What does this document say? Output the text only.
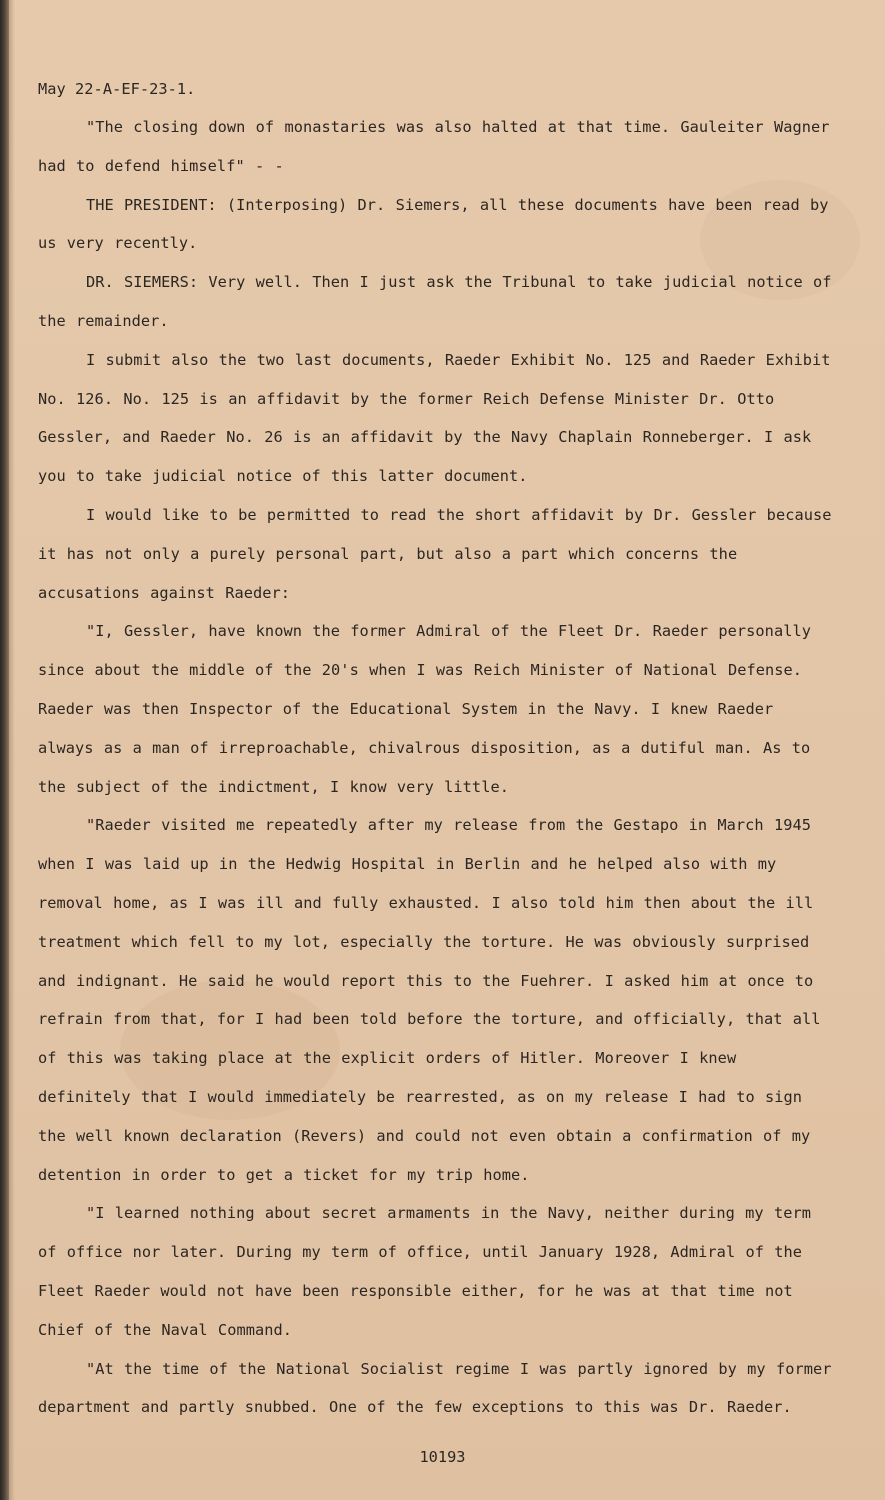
May 22-A-EF-23-1.

"The closing down of monastaries was also halted at that time. Gauleiter Wagner had to defend himself" - -

THE PRESIDENT: (Interposing) Dr. Siemers, all these documents have been read by us very recently.

DR. SIEMERS: Very well. Then I just ask the Tribunal to take judicial notice of the remainder.

I submit also the two last documents, Raeder Exhibit No. 125 and Raeder Exhibit No. 126. No. 125 is an affidavit by the former Reich Defense Minister Dr. Otto Gessler, and Raeder No. 26 is an affidavit by the Navy Chaplain Ronneberger. I ask you to take judicial notice of this latter document.

I would like to be permitted to read the short affidavit by Dr. Gessler because it has not only a purely personal part, but also a part which concerns the accusations against Raeder:

"I, Gessler, have known the former Admiral of the Fleet Dr. Raeder personally since about the middle of the 20's when I was Reich Minister of National Defense. Raeder was then Inspector of the Educational System in the Navy. I knew Raeder always as a man of irreproachable, chivalrous disposition, as a dutiful man. As to the subject of the indictment, I know very little.

"Raeder visited me repeatedly after my release from the Gestapo in March 1945 when I was laid up in the Hedwig Hospital in Berlin and he helped also with my removal home, as I was ill and fully exhausted. I also told him then about the ill treatment which fell to my lot, especially the torture. He was obviously surprised and indignant. He said he would report this to the Fuehrer. I asked him at once to refrain from that, for I had been told before the torture, and officially, that all of this was taking place at the explicit orders of Hitler. Moreover I knew definitely that I would immediately be rearrested, as on my release I had to sign the well known declaration (Revers) and could not even obtain a confirmation of my detention in order to get a ticket for my trip home.

"I learned nothing about secret armaments in the Navy, neither during my term of office nor later. During my term of office, until January 1928, Admiral of the Fleet Raeder would not have been responsible either, for he was at that time not Chief of the Naval Command.

"At the time of the National Socialist regime I was partly ignored by my former department and partly snubbed. One of the few exceptions to this was Dr. Raeder.

10193
